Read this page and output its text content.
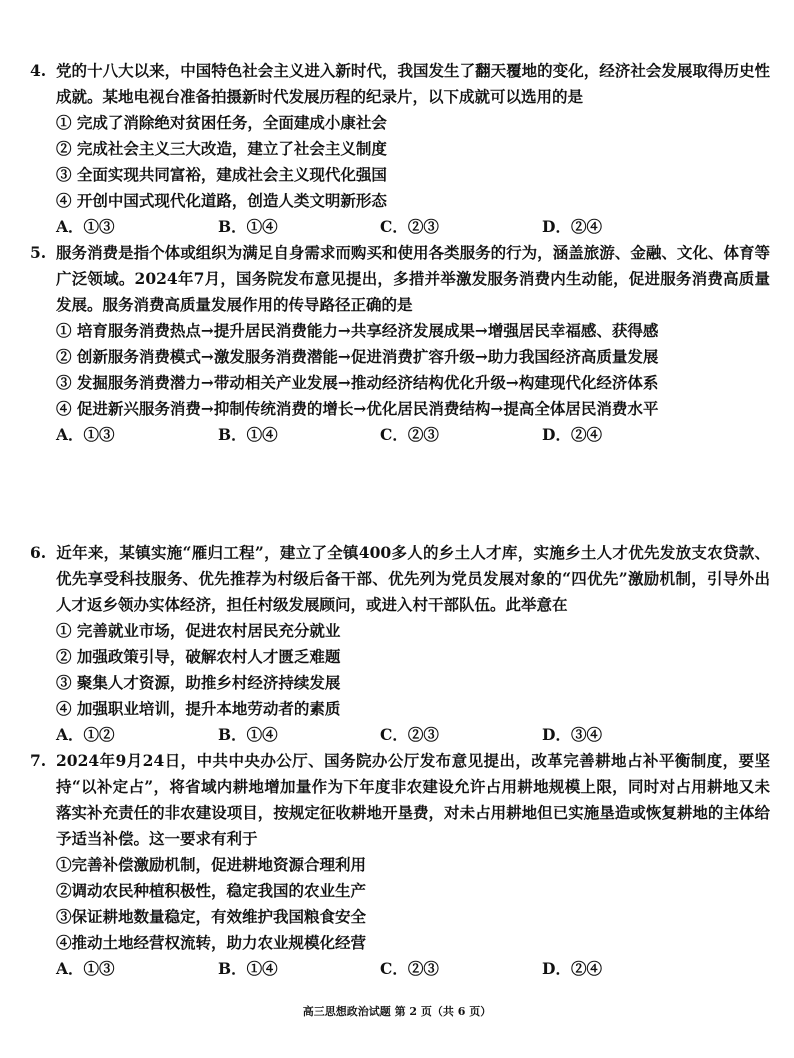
4. 党的十八大以来，中国特色社会主义进入新时代，我国发生了翻天覆地的变化，经济社会发展取得历史性成就。某地电视台准备拍摄新时代发展历程的纪录片，以下成就可以选用的是

① 完成了消除绝对贫困任务，全面建成小康社会

② 完成社会主义三大改造，建立了社会主义制度

③ 全面实现共同富裕，建成社会主义现代化强国

④ 开创中国式现代化道路，创造人类文明新形态

A．①③	B．①④	C．②③	D．②④

5. 服务消费是指个体或组织为满足自身需求而购买和使用各类服务的行为，涵盖旅游、金融、文化、体育等广泛领域。2024年7月，国务院发布意见提出，多措并举激发服务消费内生动能，促进服务消费高质量发展。服务消费高质量发展作用的传导路径正确的是

① 培育服务消费热点→提升居民消费能力→共享经济发展成果→增强居民幸福感、获得感

② 创新服务消费模式→激发服务消费潜能→促进消费扩容升级→助力我国经济高质量发展

③ 发掘服务消费潜力→带动相关产业发展→推动经济结构优化升级→构建现代化经济体系

④ 促进新兴服务消费→抑制传统消费的增长→优化居民消费结构→提高全体居民消费水平

A．①③	B．①④	C．②③	D．②④

6. 近年来，某镇实施“雁归工程”，建立了全镇400多人的乡土人才库，实施乡土人才优先发放支农贷款、优先享受科技服务、优先推荐为村级后备干部、优先列为党员发展对象的“四优先”激励机制，引导外出人才返乡领办实体经济，担任村级发展顾问，或进入村干部队伍。此举意在

① 完善就业市场，促进农村居民充分就业

② 加强政策引导，破解农村人才匮乏难题

③ 聚集人才资源，助推乡村经济持续发展

④ 加强职业培训，提升本地劳动者的素质

A．①②	B．①④	C．②③	D．③④

7. 2024年9月24日，中共中央办公厅、国务院办公厅发布意见提出，改革完善耕地占补平衡制度，要坚持“以补定占”，将省域内耕地增加量作为下年度非农建设允许占用耕地规模上限，同时对占用耕地又未落实补充责任的非农建设项目，按规定征收耕地开垦费，对未占用耕地但已实施垦造或恢复耕地的主体给予适当补偿。这一要求有利于

①完善补偿激励机制，促进耕地资源合理利用

②调动农民种植积极性，稳定我国的农业生产

③保证耕地数量稳定，有效维护我国粮食安全

④推动土地经营权流转，助力农业规模化经营

A．①③	B．①④	C．②③	D．②④
高三思想政治试题 第 2 页（共 6 页）
